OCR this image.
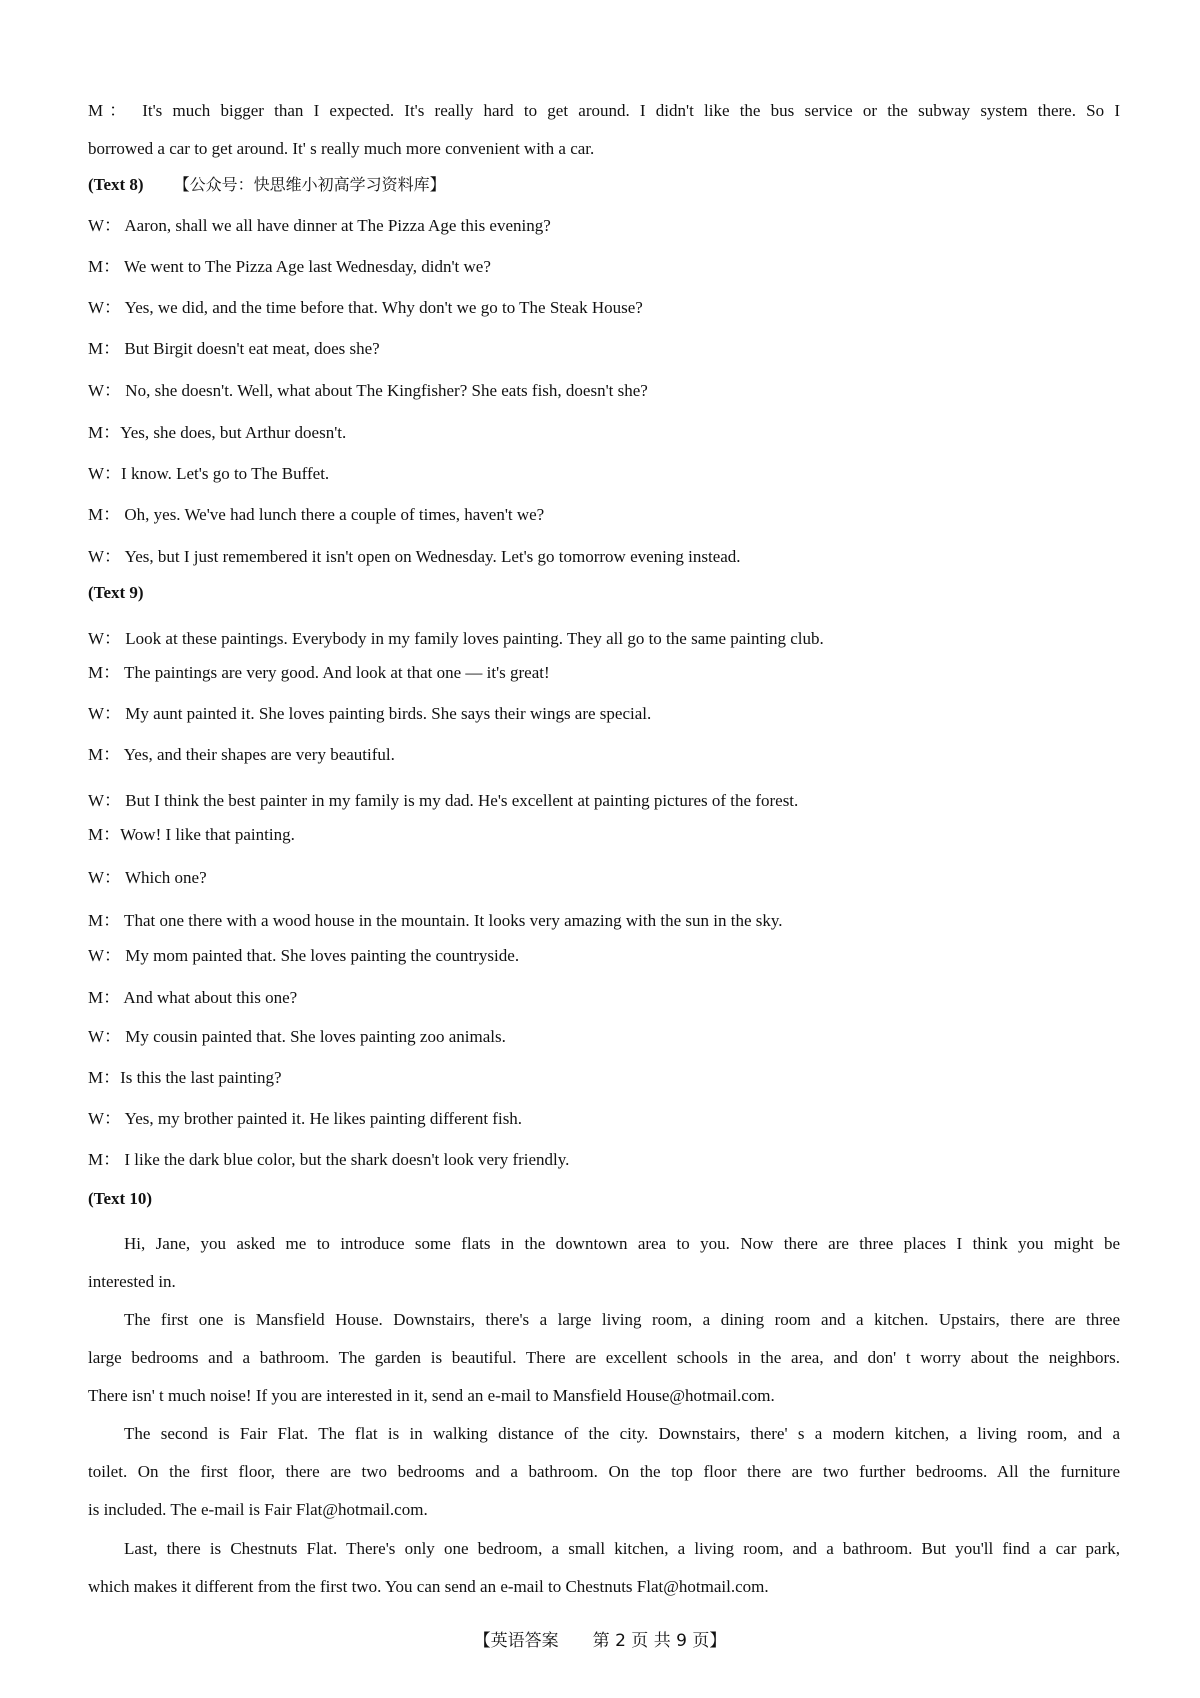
M： It's much bigger than I expected. It's really hard to get around. I didn't like the bus service or the subway system there. So I
borrowed a car to get around. It' s really much more convenient with a car.
(Text 8) 【公众号：快思维小初高学习资料库】
W： Aaron, shall we all have dinner at The Pizza Age this evening?
M： We went to The Pizza Age last Wednesday, didn't we?
W： Yes, we did, and the time before that. Why don't we go to The Steak House?
M： But Birgit doesn't eat meat, does she?
W： No, she doesn't. Well, what about The Kingfisher? She eats fish, doesn't she?
M：Yes, she does, but Arthur doesn't.
W：I know. Let's go to The Buffet.
M： Oh, yes. We've had lunch there a couple of times, haven't we?
W： Yes, but I just remembered it isn't open on Wednesday. Let's go tomorrow evening instead.
(Text 9)
W： Look at these paintings. Everybody in my family loves painting. They all go to the same painting club.
M： The paintings are very good. And look at that one — it's great!
W： My aunt painted it. She loves painting birds. She says their wings are special.
M： Yes, and their shapes are very beautiful.
W： But I think the best painter in my family is my dad. He's excellent at painting pictures of the forest.
M：Wow! I like that painting.
W： Which one?
M： That one there with a wood house in the mountain. It looks very amazing with the sun in the sky.
W： My mom painted that. She loves painting the countryside.
M： And what about this one?
W： My cousin painted that. She loves painting zoo animals.
M：Is this the last painting?
W： Yes, my brother painted it. He likes painting different fish.
M： I like the dark blue color, but the shark doesn't look very friendly.
(Text 10)
Hi, Jane, you asked me to introduce some flats in the downtown area to you. Now there are three places I think you might be
interested in.
The first one is Mansfield House. Downstairs, there's a large living room, a dining room and a kitchen. Upstairs, there are three
large bedrooms and a bathroom. The garden is beautiful. There are excellent schools in the area, and don' t worry about the neighbors.
There isn' t much noise! If you are interested in it, send an e-mail to Mansfield House@hotmail.com.
The second is Fair Flat. The flat is in walking distance of the city. Downstairs, there' s a modern kitchen, a living room, and a
toilet. On the first floor, there are two bedrooms and a bathroom. On the top floor there are two further bedrooms. All the furniture
is included. The e-mail is Fair Flat@hotmail.com.
Last, there is Chestnuts Flat. There's only one bedroom, a small kitchen, a living room, and a bathroom. But you'll find a car park,
which makes it different from the first two. You can send an e-mail to Chestnuts Flat@hotmail.com.
【英语答案　　第 2 页 共 9 页】
